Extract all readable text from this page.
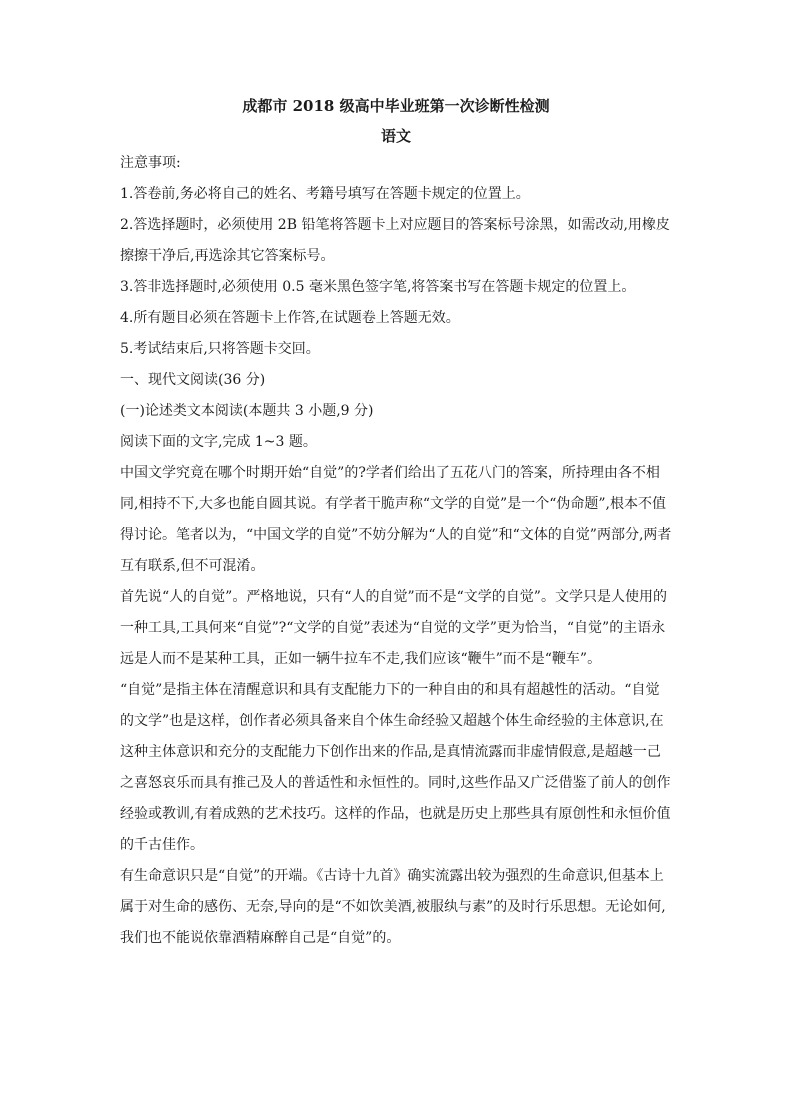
成都市 2018 级高中毕业班第一次诊断性检测
语文
注意事项:
1.答卷前,务必将自己的姓名、考籍号填写在答题卡规定的位置上。
2.答选择题时，必须使用 2B 铅笔将答题卡上对应题目的答案标号涂黑，如需改动,用橡皮擦擦干净后,再选涂其它答案标号。
3.答非选择题时,必须使用 0.5 毫米黑色签字笔,将答案书写在答题卡规定的位置上。
4.所有题目必须在答题卡上作答,在试题卷上答题无效。
5.考试结束后,只将答题卡交回。
一、现代文阅读(36 分)
(一)论述类文本阅读(本题共 3 小题,9 分)
阅读下面的文字,完成 1~3 题。
中国文学究竟在哪个时期开始“自觉”的?学者们给出了五花八门的答案，所持理由各不相同,相持不下,大多也能自圆其说。有学者干脆声称“文学的自觉”是一个“伪命题”,根本不值得讨论。笔者以为，“中国文学的自觉”不妨分解为“人的自觉”和“文体的自觉”两部分,两者互有联系,但不可混淆。
首先说“人的自觉”。严格地说，只有“人的自觉”而不是“文学的自觉”。文学只是人使用的一种工具,工具何来“自觉”?“文学的自觉”表述为“自觉的文学”更为恰当，“自觉”的主语永远是人而不是某种工具，正如一辆牛拉车不走,我们应该“鞭牛”而不是“鞭车”。
“自觉”是指主体在清醒意识和具有支配能力下的一种自由的和具有超越性的活动。“自觉的文学”也是这样，创作者必须具备来自个体生命经验又超越个体生命经验的主体意识,在这种主体意识和充分的支配能力下创作出来的作品,是真情流露而非虚情假意,是超越一己之喜怒哀乐而具有推己及人的普适性和永恒性的。同时,这些作品又广泛借鉴了前人的创作经验或教训,有着成熟的艺术技巧。这样的作品，也就是历史上那些具有原创性和永恒价值的千古佳作。
有生命意识只是“自觉”的开端。《古诗十九首》确实流露出较为强烈的生命意识,但基本上属于对生命的感伤、无奈,导向的是“不如饮美酒,被服纨与素”的及时行乐思想。无论如何,我们也不能说依靠酒精麻醉自己是“自觉”的。
